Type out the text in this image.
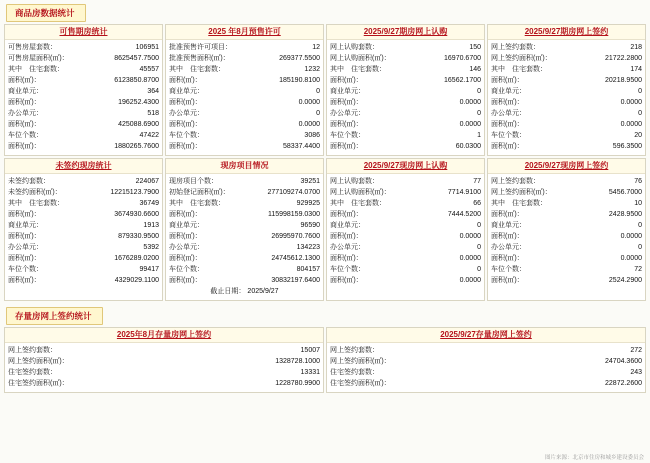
商品房数据统计
可售期房统计
可售房屋套数：	106951
可售房屋面积(㎡)：	8625457.7500
其中　住宅套数：	45557
面积(㎡)：	6123850.8700
商业单元：	364
面积(㎡)：	196252.4300
办公单元：	518
面积(㎡)：	425088.6900
车位个数：	47422
面积(㎡)：	1880265.7600
2025 年8月预售许可
批准预售许可项目：	12
批准预售面积(㎡)：	269377.5500
其中　住宅套数：	1232
面积(㎡)：	185190.8100
商业单元：	0
面积(㎡)：	0.0000
办公单元：	0
面积(㎡)：	0.0000
车位个数：	3086
面积(㎡)：	58337.4400
2025/9/27期房网上认购
网上认购套数：	150
网上认购面积(㎡)：	16970.6700
其中　住宅套数：	146
面积(㎡)：	16562.1700
商业单元：	0
面积(㎡)：	0.0000
办公单元：	0
面积(㎡)：	0.0000
车位个数：	1
面积(㎡)：	60.0300
2025/9/27期房网上签约
网上签约套数：	218
网上签约面积(㎡)：	21722.2800
其中　住宅套数：	174
面积(㎡)：	20218.9500
商业单元：	0
面积(㎡)：	0.0000
办公单元：	0
面积(㎡)：	0.0000
车位个数：	20
面积(㎡)：	596.3500
未签约现房统计
未签约套数：	224067
未签约面积(㎡)：	12215123.7900
其中　住宅套数：	36749
面积(㎡)：	3674930.6600
商业单元：	1913
面积(㎡)：	879330.9500
办公单元：	5392
面积(㎡)：	1676289.0200
车位个数：	99417
面积(㎡)：	4329029.1100
现房项目情况
现房项目个数：	39251
初始登记面积(㎡)：	277109274.0700
其中　住宅套数：	929925
面积(㎡)：	115998159.0300
商业单元：	96590
面积(㎡)：	26995970.7600
办公单元：	134223
面积(㎡)：	24745612.1300
车位个数：	804157
面积(㎡)：	30832197.6400
截止日期： 2025/9/27
2025/9/27现房网上认购
网上认购套数：	77
网上认购面积(㎡)：	7714.9100
其中　住宅套数：	66
面积(㎡)：	7444.5200
商业单元：	0
面积(㎡)：	0.0000
办公单元：	0
面积(㎡)：	0.0000
车位个数：	0
面积(㎡)：	0.0000
2025/9/27现房网上签约
网上签约套数：	76
网上签约面积(㎡)：	5456.7000
其中　住宅套数：	10
面积(㎡)：	2428.9500
商业单元：	0
面积(㎡)：	0.0000
办公单元：	0
面积(㎡)：	0.0000
车位个数：	72
面积(㎡)：	2524.2900
存量房网上签约统计
2025年8月存量房网上签约
网上签约套数：	15007
网上签约面积(㎡)：	1328728.1000
住宅签约套数：	13331
住宅签约面积(㎡)：	1228780.9900
2025/9/27存量房网上签约
网上签约套数：	272
网上签约面积(㎡)：	24704.3600
住宅签约套数：	243
住宅签约面积(㎡)：	22872.2600
图片来源：北京市住房和城乡建设委员会
